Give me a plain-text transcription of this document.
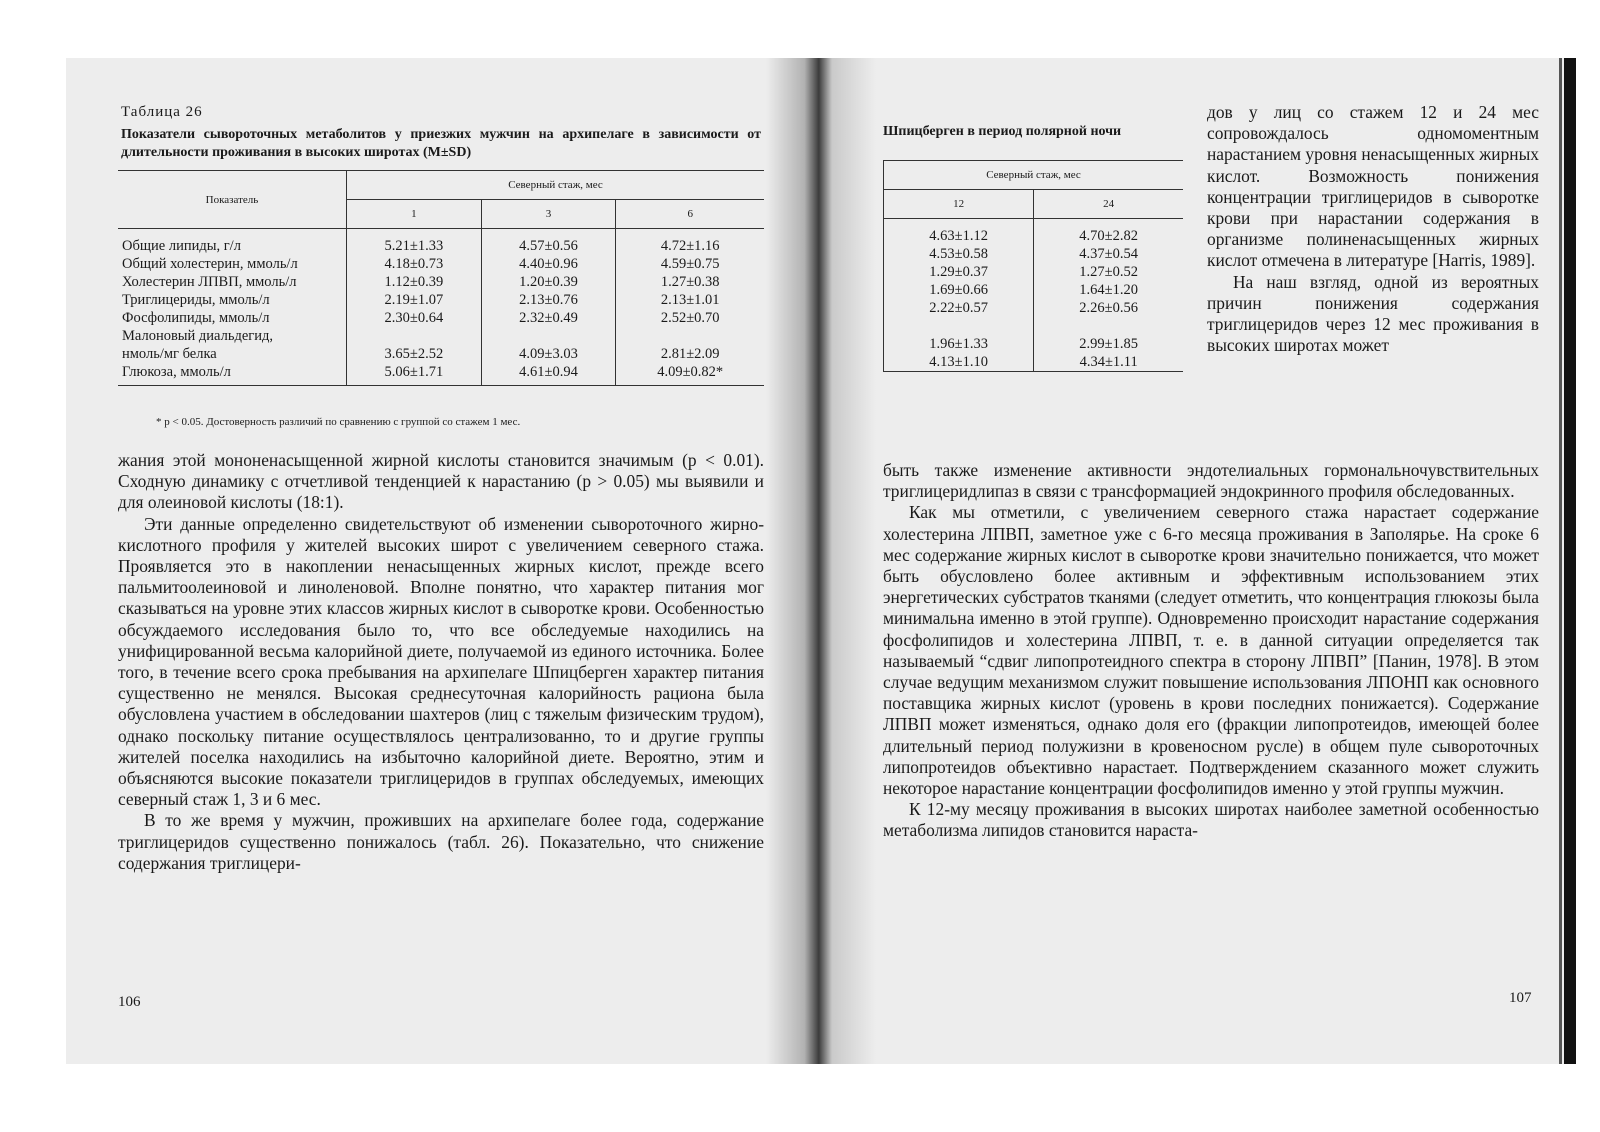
Таблица 26
Показатели сывороточных метаболитов у приезжих мужчин на архипелаге в зависимости от длительности проживания в высоких широтах (M±SD)
Показатель	Северный стаж, мес		
	1	3	6
Общие липиды, г/л	5.21±1.33	4.57±0.56	4.72±1.16
Общий холестерин, ммоль/л	4.18±0.73	4.40±0.96	4.59±0.75
Холестерин ЛПВП, ммоль/л	1.12±0.39	1.20±0.39	1.27±0.38
Триглицериды, ммоль/л	2.19±1.07	2.13±0.76	2.13±1.01
Фосфолипиды, ммоль/л	2.30±0.64	2.32±0.49	2.52±0.70
Малоновый диальдегид,			
нмоль/мг белка	3.65±2.52	4.09±3.03	2.81±2.09
Глюкоза, ммоль/л	5.06±1.71	4.61±0.94	4.09±0.82*
* p < 0.05. Достоверность различий по сравнению с группой со стажем 1 мес.

жания этой мононенасыщенной жирной кислоты становится значимым (p < 0.01). Сходную динамику с отчетливой тенденцией к нарастанию (p > 0.05) мы выявили и для олеиновой кислоты (18:1).

Эти данные определенно свидетельствуют об изменении сывороточного жирно-кислотного профиля у жителей высоких широт с увеличением северного стажа. Проявляется это в накоплении ненасыщенных жирных кислот, прежде всего пальмитоолеиновой и линоленовой. Вполне понятно, что характер питания мог сказываться на уровне этих классов жирных кислот в сыворотке крови. Особенностью обсуждаемого исследования было то, что все обследуемые находились на унифицированной весьма калорийной диете, получаемой из единого источника. Более того, в течение всего срока пребывания на архипелаге Шпицберген характер питания существенно не менялся. Высокая среднесуточная калорийность рациона была обусловлена участием в обследовании шахтеров (лиц с тяжелым физическим трудом), однако поскольку питание осуществлялось централизованно, то и другие группы жителей поселка находились на избыточно калорийной диете. Вероятно, этим и объясняются высокие показатели триглицеридов в группах обследуемых, имеющих северный стаж 1, 3 и 6 мес.

В то же время у мужчин, проживших на архипелаге более года, содержание триглицеридов существенно понижалось (табл. 26). Показательно, что снижение содержания триглицери-

106
Шпицберген в период полярной ночи
Северный стаж, мес	
12	24
4.63±1.12	4.70±2.82
4.53±0.58	4.37±0.54
1.29±0.37	1.27±0.52
1.69±0.66	1.64±1.20
2.22±0.57	2.26±0.56

1.96±1.33	2.99±1.85
4.13±1.10	4.34±1.11

дов у лиц со стажем 12 и 24 мес сопровождалось одномоментным нарастанием уровня ненасыщенных жирных кислот. Возможность понижения концентрации триглицеридов в сыворотке крови при нарастании содержания в организме полиненасыщенных жирных кислот отмечена в литературе [Harris, 1989].

На наш взгляд, одной из вероятных причин понижения содержания триглицеридов через 12 мес проживания в высоких широтах может

быть также изменение активности эндотелиальных гормональночувствительных триглицеридлипаз в связи с трансформацией эндокринного профиля обследованных.

Как мы отметили, с увеличением северного стажа нарастает содержание холестерина ЛПВП, заметное уже с 6-го месяца проживания в Заполярье. На сроке 6 мес содержание жирных кислот в сыворотке крови значительно понижается, что может быть обусловлено более активным и эффективным использованием этих энергетических субстратов тканями (следует отметить, что концентрация глюкозы была минимальна именно в этой группе). Одновременно происходит нарастание содержания фосфолипидов и холестерина ЛПВП, т. е. в данной ситуации определяется так называемый “сдвиг липопротеидного спектра в сторону ЛПВП” [Панин, 1978]. В этом случае ведущим механизмом служит повышение использования ЛПОНП как основного поставщика жирных кислот (уровень в крови последних понижается). Содержание ЛПВП может изменяться, однако доля его (фракции липопротеидов, имеющей более длительный период полужизни в кровеносном русле) в общем пуле сывороточных липопротеидов объективно нарастает. Подтверждением сказанного может служить некоторое нарастание концентрации фосфолипидов именно у этой группы мужчин.

К 12-му месяцу проживания в высоких широтах наиболее заметной особенностью метаболизма липидов становится нараста-

107
